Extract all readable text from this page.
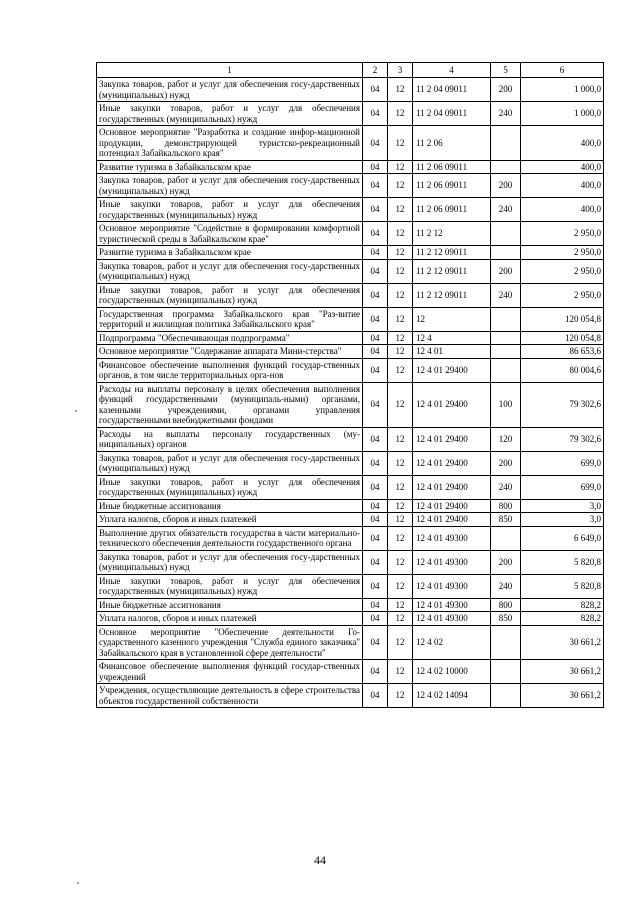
1	2	3	4	5	6
Закупка товаров, работ и услуг для обеспечения госу-дарственных (муниципальных) нужд	04	12	11 2 04 09011	200	1 000,0
Иные закупки товаров, работ и услуг для обеспечения государственных (муниципальных) нужд	04	12	11 2 04 09011	240	1 000,0
Основное мероприятие "Разработка и создание инфор-мационной продукции, демонстрирующей туристско-рекреационный потенциал Забайкальского края"	04	12	11 2 06		400,0
Развитие туризма в Забайкальском крае	04	12	11 2 06 09011		400,0
Закупка товаров, работ и услуг для обеспечения госу-дарственных (муниципальных) нужд	04	12	11 2 06 09011	200	400,0
Иные закупки товаров, работ и услуг для обеспечения государственных (муниципальных) нужд	04	12	11 2 06 09011	240	400,0
Основное мероприятие "Содействие в формировании комфортной туристической среды в Забайкальском крае"	04	12	11 2 12		2 950,0
Развитие туризма в Забайкальском крае	04	12	11 2 12 09011		2 950,0
Закупка товаров, работ и услуг для обеспечения госу-дарственных (муниципальных) нужд	04	12	11 2 12 09011	200	2 950,0
Иные закупки товаров, работ и услуг для обеспечения государственных (муниципальных) нужд	04	12	11 2 12 09011	240	2 950,0
Государственная программа Забайкальского края "Раз-витие территорий и жилищная политика Забайкальского края"	04	12	12		120 054,8
Подпрограмма "Обеспечивающая подпрограмма"	04	12	12 4		120 054,8
Основное мероприятие "Содержание аппарата Мини-стерства"	04	12	12 4 01		86 653,6
Финансовое обеспечение выполнения функций государ-ственных органов, в том числе территориальных орга-нов	04	12	12 4 01 29400		80 004,6
Расходы на выплаты персоналу в целях обеспечения выполнения функций государственными (муниципаль-ными) органами, казенными учреждениями, органами управления государственными внебюджетными фондами	04	12	12 4 01 29400	100	79 302,6
Расходы на выплаты персоналу государственных (му-ниципальных) органов	04	12	12 4 01 29400	120	79 302,6
Закупка товаров, работ и услуг для обеспечения госу-дарственных (муниципальных) нужд	04	12	12 4 01 29400	200	699,0
Иные закупки товаров, работ и услуг для обеспечения государственных (муниципальных) нужд	04	12	12 4 01 29400	240	699,0
Иные бюджетные ассигнования	04	12	12 4 01 29400	800	3,0
Уплата налогов, сборов и иных платежей	04	12	12 4 01 29400	850	3,0
Выполнение других обязательств государства в части материально-технического обеспечения деятельности государственного органа	04	12	12 4 01 49300		6 649,0
Закупка товаров, работ и услуг для обеспечения госу-дарственных (муниципальных) нужд	04	12	12 4 01 49300	200	5 820,8
Иные закупки товаров, работ и услуг для обеспечения государственных (муниципальных) нужд	04	12	12 4 01 49300	240	5 820,8
Иные бюджетные ассигнования	04	12	12 4 01 49300	800	828,2
Уплата налогов, сборов и иных платежей	04	12	12 4 01 49300	850	828,2
Основное мероприятие "Обеспечение деятельности Го-сударственного казенного учреждения "Служба единого заказчика" Забайкальского края в установленной сфере деятельности"	04	12	12 4 02		30 661,2
Финансовое обеспечение выполнения функций государ-ственных учреждений	04	12	12 4 02 10000		30 661,2
Учреждения, осуществляющие деятельность в сфере строительства объектов государственной собственности	04	12	12 4 02 14094		30 661,2
44
